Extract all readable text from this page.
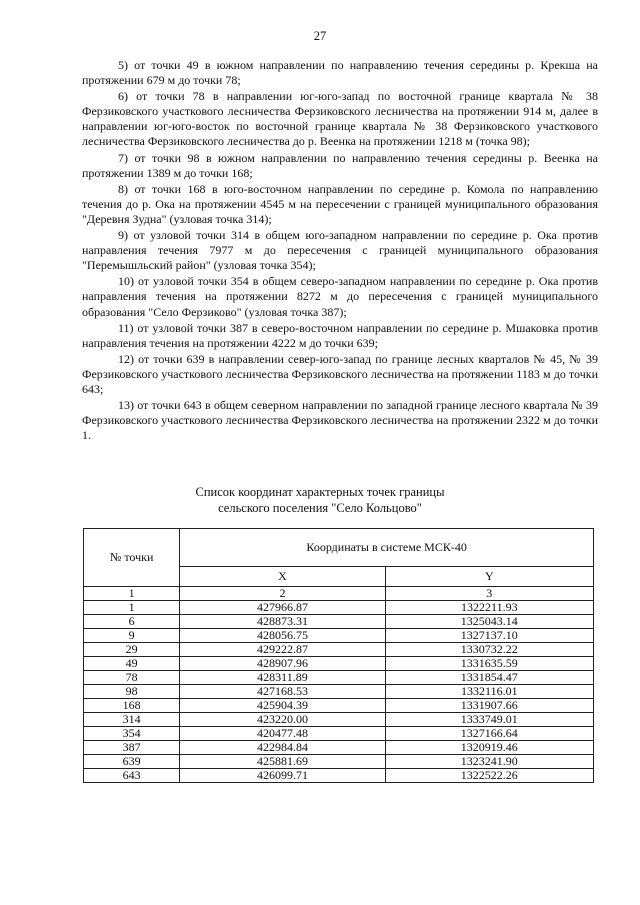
27

5) от точки 49 в южном направлении по направлению течения середины р. Крекша на протяжении 679 м до точки 78;

6) от точки 78 в направлении юг-юго-запад по восточной границе квартала № 38 Ферзиковского участкового лесничества Ферзиковского лесничества на протяжении 914 м, далее в направлении юг-юго-восток по восточной границе квартала № 38 Ферзиковского участкового лесничества Ферзиковского лесничества до р. Веенка на протяжении 1218 м (точка 98);

7) от точки 98 в южном направлении по направлению течения середины р. Веенка на протяжении 1389 м до точки 168;

8) от точки 168 в юго-восточном направлении по середине р. Комола по направлению течения до р. Ока на протяжении 4545 м на пересечении с границей муниципального образования "Деревня Зудна" (узловая точка 314);

9) от узловой точки 314 в общем юго-западном направлении по середине р. Ока против направления течения 7977 м до пересечения с границей муниципального образования "Перемышльский район" (узловая точка 354);

10) от узловой точки 354 в общем северо-западном направлении по середине р. Ока против направления течения на протяжении 8272 м до пересечения с границей муниципального образования "Село Ферзиково" (узловая точка 387);

11) от узловой точки 387 в северо-восточном направлении по середине р. Мшаковка против направления течения на протяжении 4222 м до точки 639;

12) от точки 639 в направлении север-юго-запад по границе лесных кварталов № 45, № 39 Ферзиковского участкового лесничества Ферзиковского лесничества на протяжении 1183 м до точки 643;

13) от точки 643 в общем северном направлении по западной границе лесного квартала № 39 Ферзиковского участкового лесничества Ферзиковского лесничества на протяжении 2322 м до точки 1.

Список координат характерных точек границы
сельского поселения "Село Кольцово"
№ точки	Координаты в системе МСК-40	
	X	Y
1	2	3
1	427966.87	1322211.93
6	428873.31	1325043.14
9	428056.75	1327137.10
29	429222.87	1330732.22
49	428907.96	1331635.59
78	428311.89	1331854.47
98	427168.53	1332116.01
168	425904.39	1331907.66
314	423220.00	1333749.01
354	420477.48	1327166.64
387	422984.84	1320919.46
639	425881.69	1323241.90
643	426099.71	1322522.26
